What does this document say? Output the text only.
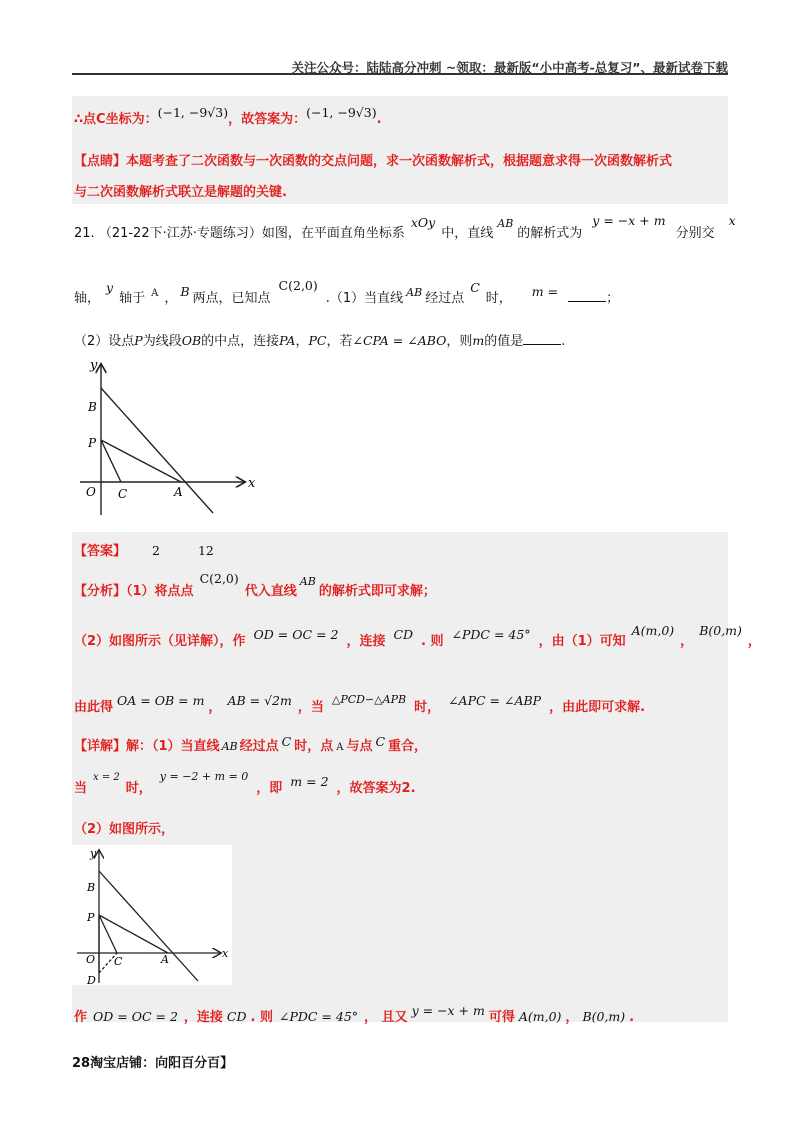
关注公众号：陆陆高分冲刺 ~领取：最新版“小中高考-总复习”、最新试卷下载
∴点C坐标为：(−1, −9√3)，故答案为：(−1, −9√3).
【点睛】本题考查了二次函数与一次函数的交点问题，求一次函数解析式，根据题意求得一次函数解析式
与二次函数解析式联立是解题的关键.
21. （21-22下·江苏·专题练习）如图，在平面直角坐标系xOy中，直线$^{AB}$的解析式为y = −x + m分别交x
轴，y轴于 $^A$ ， B 两点，已知点C(2,0).（1）当直线 $^{AB}$ 经过点C时， m =	；
（2）设点P为线段OB的中点，连接PA，PC，若∠CPA = ∠ABO，则m的值是	.
y
x
B
P
O C	A
【答案】 2	12
【分析】（1）将点点C(2,0)代入直线$^{AB}$的解析式即可求解；
（2）如图所示（见详解），作 OD = OC = 2 ，连接 CD . 则 ∠PDC = 45° ，由（1）可知A(m,0)，B(0,m)，
由此得 OA = OB = m ， AB = √2m ，当$^{\triangle PCD∽\triangle APB}$时， ∠APC = ∠ABP ，由此即可求解.
【详解】解：（1）当直线 AB 经过点 C 时，点 A 与点 C 重合，
当$^{x = 2}$时，$^{y = -2 + m = 0}$，即 m = 2 ，故答案为2.
（2）如图所示，
y
x
B
P
O C	A
D
作 OD = OC = 2 ，连接 CD . 则 ∠PDC = 45° ， 且又 y = −x + m 可得 A(m,0) ， B(0,m) .
28淘宝店铺：向阳百分百】
